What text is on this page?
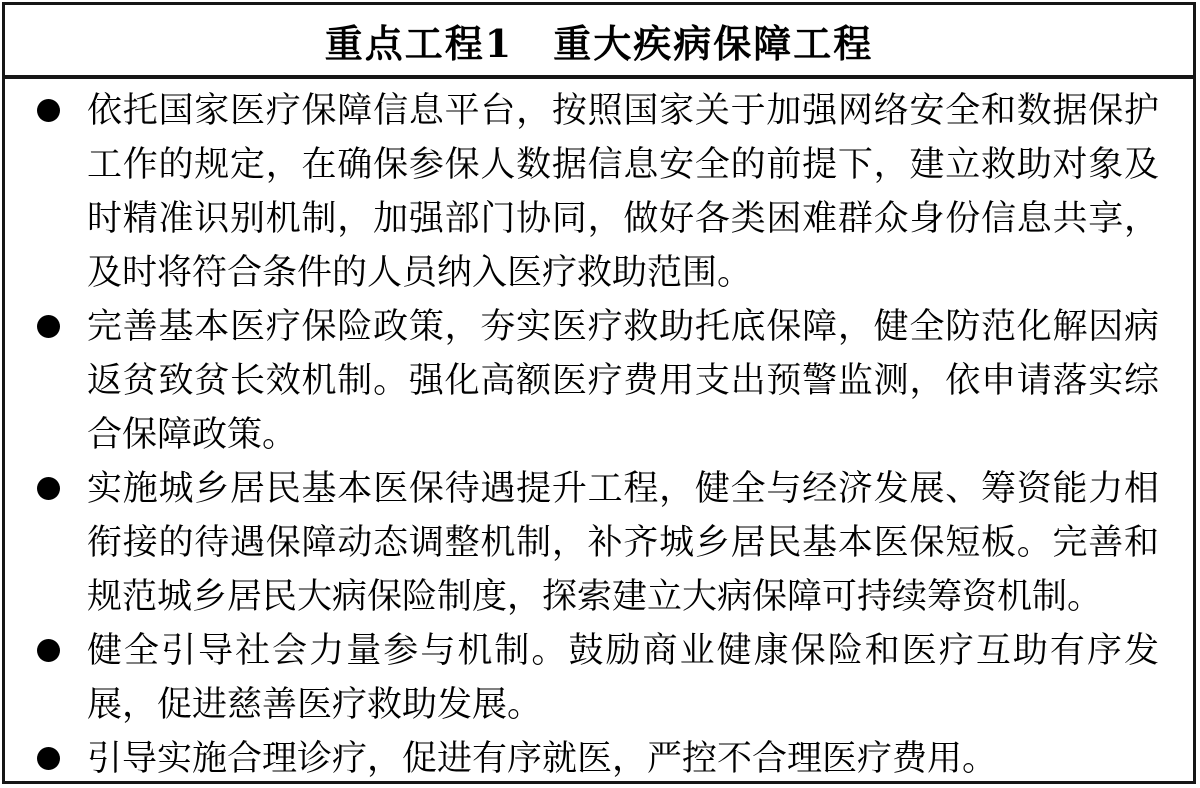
重点工程1　重大疾病保障工程
依托国家医疗保障信息平台，按照国家关于加强网络安全和数据保护工作的规定，在确保参保人数据信息安全的前提下，建立救助对象及时精准识别机制，加强部门协同，做好各类困难群众身份信息共享，及时将符合条件的人员纳入医疗救助范围。
完善基本医疗保险政策，夯实医疗救助托底保障，健全防范化解因病返贫致贫长效机制。强化高额医疗费用支出预警监测，依申请落实综合保障政策。
实施城乡居民基本医保待遇提升工程，健全与经济发展、筹资能力相衔接的待遇保障动态调整机制，补齐城乡居民基本医保短板。完善和规范城乡居民大病保险制度，探索建立大病保障可持续筹资机制。
健全引导社会力量参与机制。鼓励商业健康保险和医疗互助有序发展，促进慈善医疗救助发展。
引导实施合理诊疗，促进有序就医，严控不合理医疗费用。
